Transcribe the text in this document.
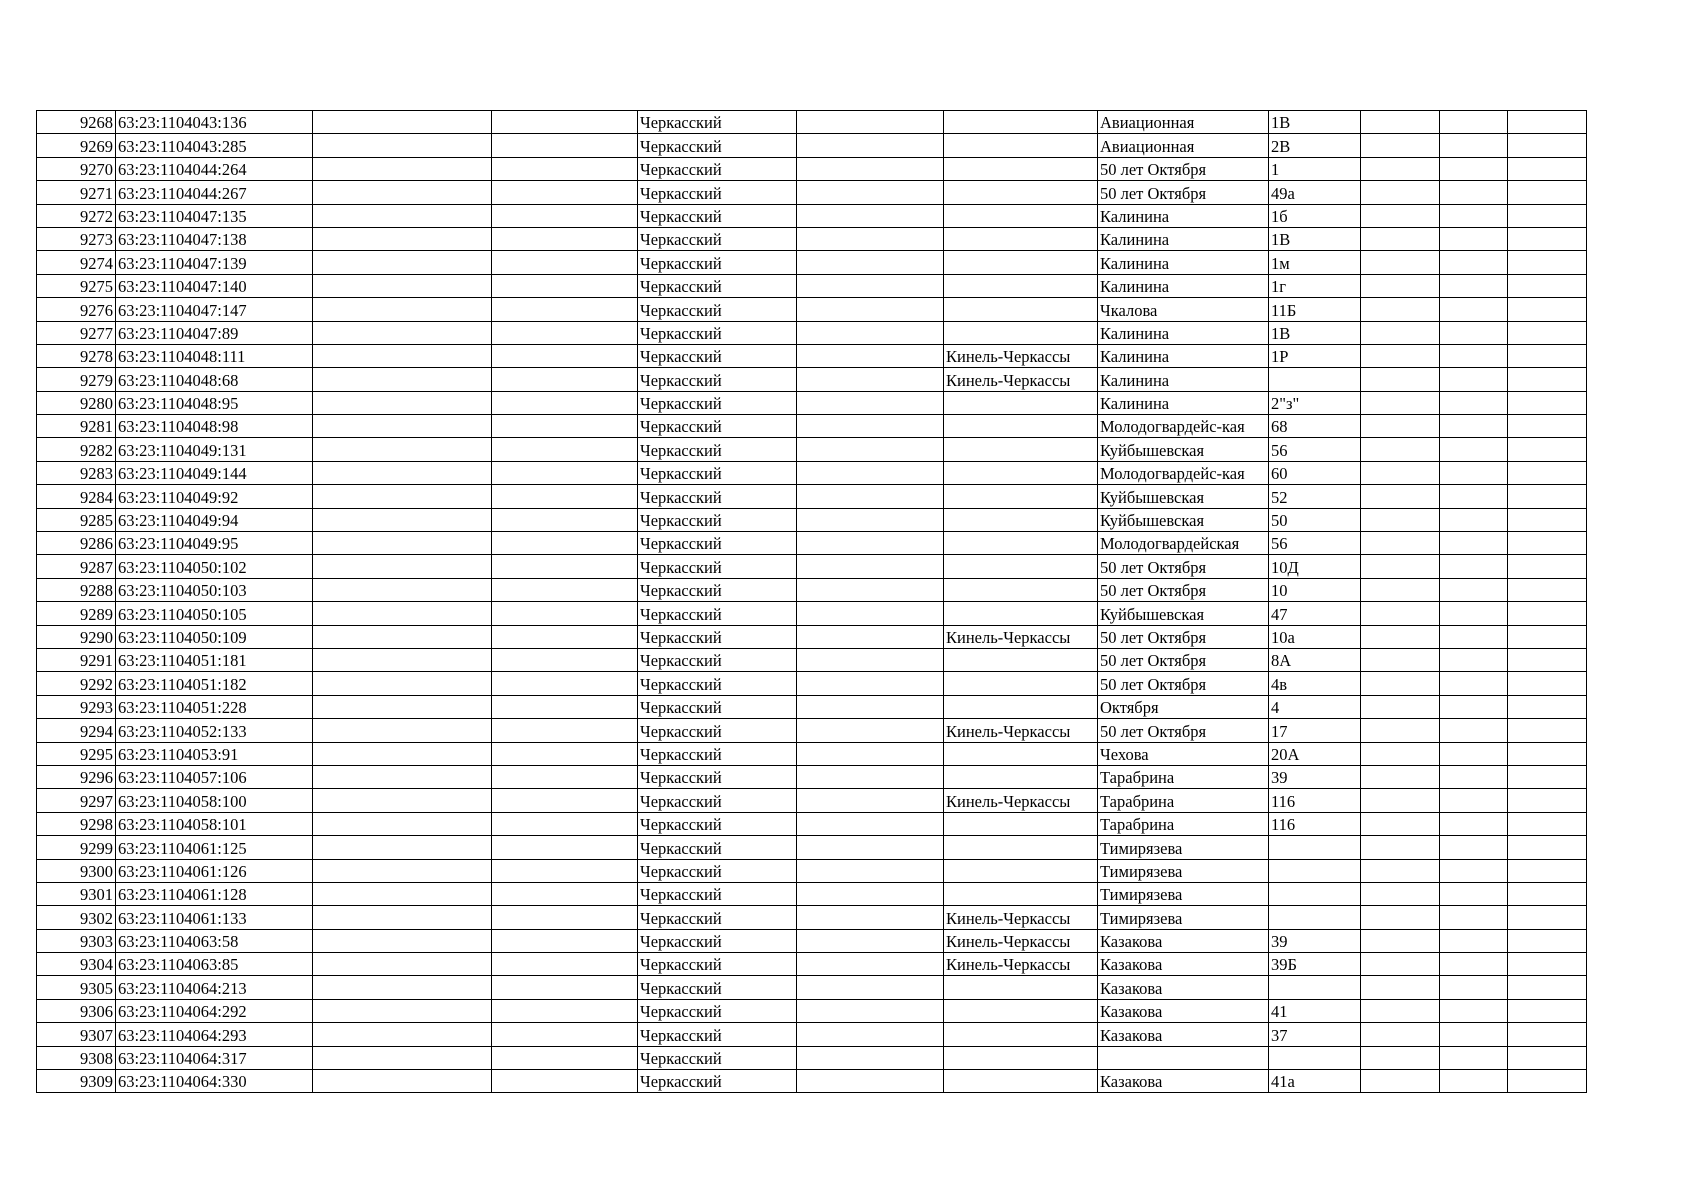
9268	63:23:1104043:136			Черкасский			Авиационная	1В			
9269	63:23:1104043:285			Черкасский			Авиационная	2В			
9270	63:23:1104044:264			Черкасский			50 лет Октября	1			
9271	63:23:1104044:267			Черкасский			50 лет Октября	49а			
9272	63:23:1104047:135			Черкасский			Калинина	1б			
9273	63:23:1104047:138			Черкасский			Калинина	1В			
9274	63:23:1104047:139			Черкасский			Калинина	1м			
9275	63:23:1104047:140			Черкасский			Калинина	1г			
9276	63:23:1104047:147			Черкасский			Чкалова	11Б			
9277	63:23:1104047:89			Черкасский			Калинина	1В			
9278	63:23:1104048:111			Черкасский		Кинель-Черкассы	Калинина	1Р			
9279	63:23:1104048:68			Черкасский		Кинель-Черкассы	Калинина				
9280	63:23:1104048:95			Черкасский			Калинина	2"з"			
9281	63:23:1104048:98			Черкасский			Молодогвардейс-кая	68			
9282	63:23:1104049:131			Черкасский			Куйбышевская	56			
9283	63:23:1104049:144			Черкасский			Молодогвардейс-кая	60			
9284	63:23:1104049:92			Черкасский			Куйбышевская	52			
9285	63:23:1104049:94			Черкасский			Куйбышевская	50			
9286	63:23:1104049:95			Черкасский			Молодогвардейская	56			
9287	63:23:1104050:102			Черкасский			50 лет Октября	10Д			
9288	63:23:1104050:103			Черкасский			50 лет Октября	10			
9289	63:23:1104050:105			Черкасский			Куйбышевская	47			
9290	63:23:1104050:109			Черкасский		Кинель-Черкассы	50 лет Октября	10а			
9291	63:23:1104051:181			Черкасский			50 лет Октября	8А			
9292	63:23:1104051:182			Черкасский			50 лет Октября	4в			
9293	63:23:1104051:228			Черкасский			Октября	4			
9294	63:23:1104052:133			Черкасский		Кинель-Черкассы	50 лет Октября	17			
9295	63:23:1104053:91			Черкасский			Чехова	20А			
9296	63:23:1104057:106			Черкасский			Тарабрина	39			
9297	63:23:1104058:100			Черкасский		Кинель-Черкассы	Тарабрина	116			
9298	63:23:1104058:101			Черкасский			Тарабрина	116			
9299	63:23:1104061:125			Черкасский			Тимирязева				
9300	63:23:1104061:126			Черкасский			Тимирязева				
9301	63:23:1104061:128			Черкасский			Тимирязева				
9302	63:23:1104061:133			Черкасский		Кинель-Черкассы	Тимирязева				
9303	63:23:1104063:58			Черкасский		Кинель-Черкассы	Казакова	39			
9304	63:23:1104063:85			Черкасский		Кинель-Черкассы	Казакова	39Б			
9305	63:23:1104064:213			Черкасский			Казакова				
9306	63:23:1104064:292			Черкасский			Казакова	41			
9307	63:23:1104064:293			Черкасский			Казакова	37			
9308	63:23:1104064:317			Черкасский							
9309	63:23:1104064:330			Черкасский			Казакова	41а			
